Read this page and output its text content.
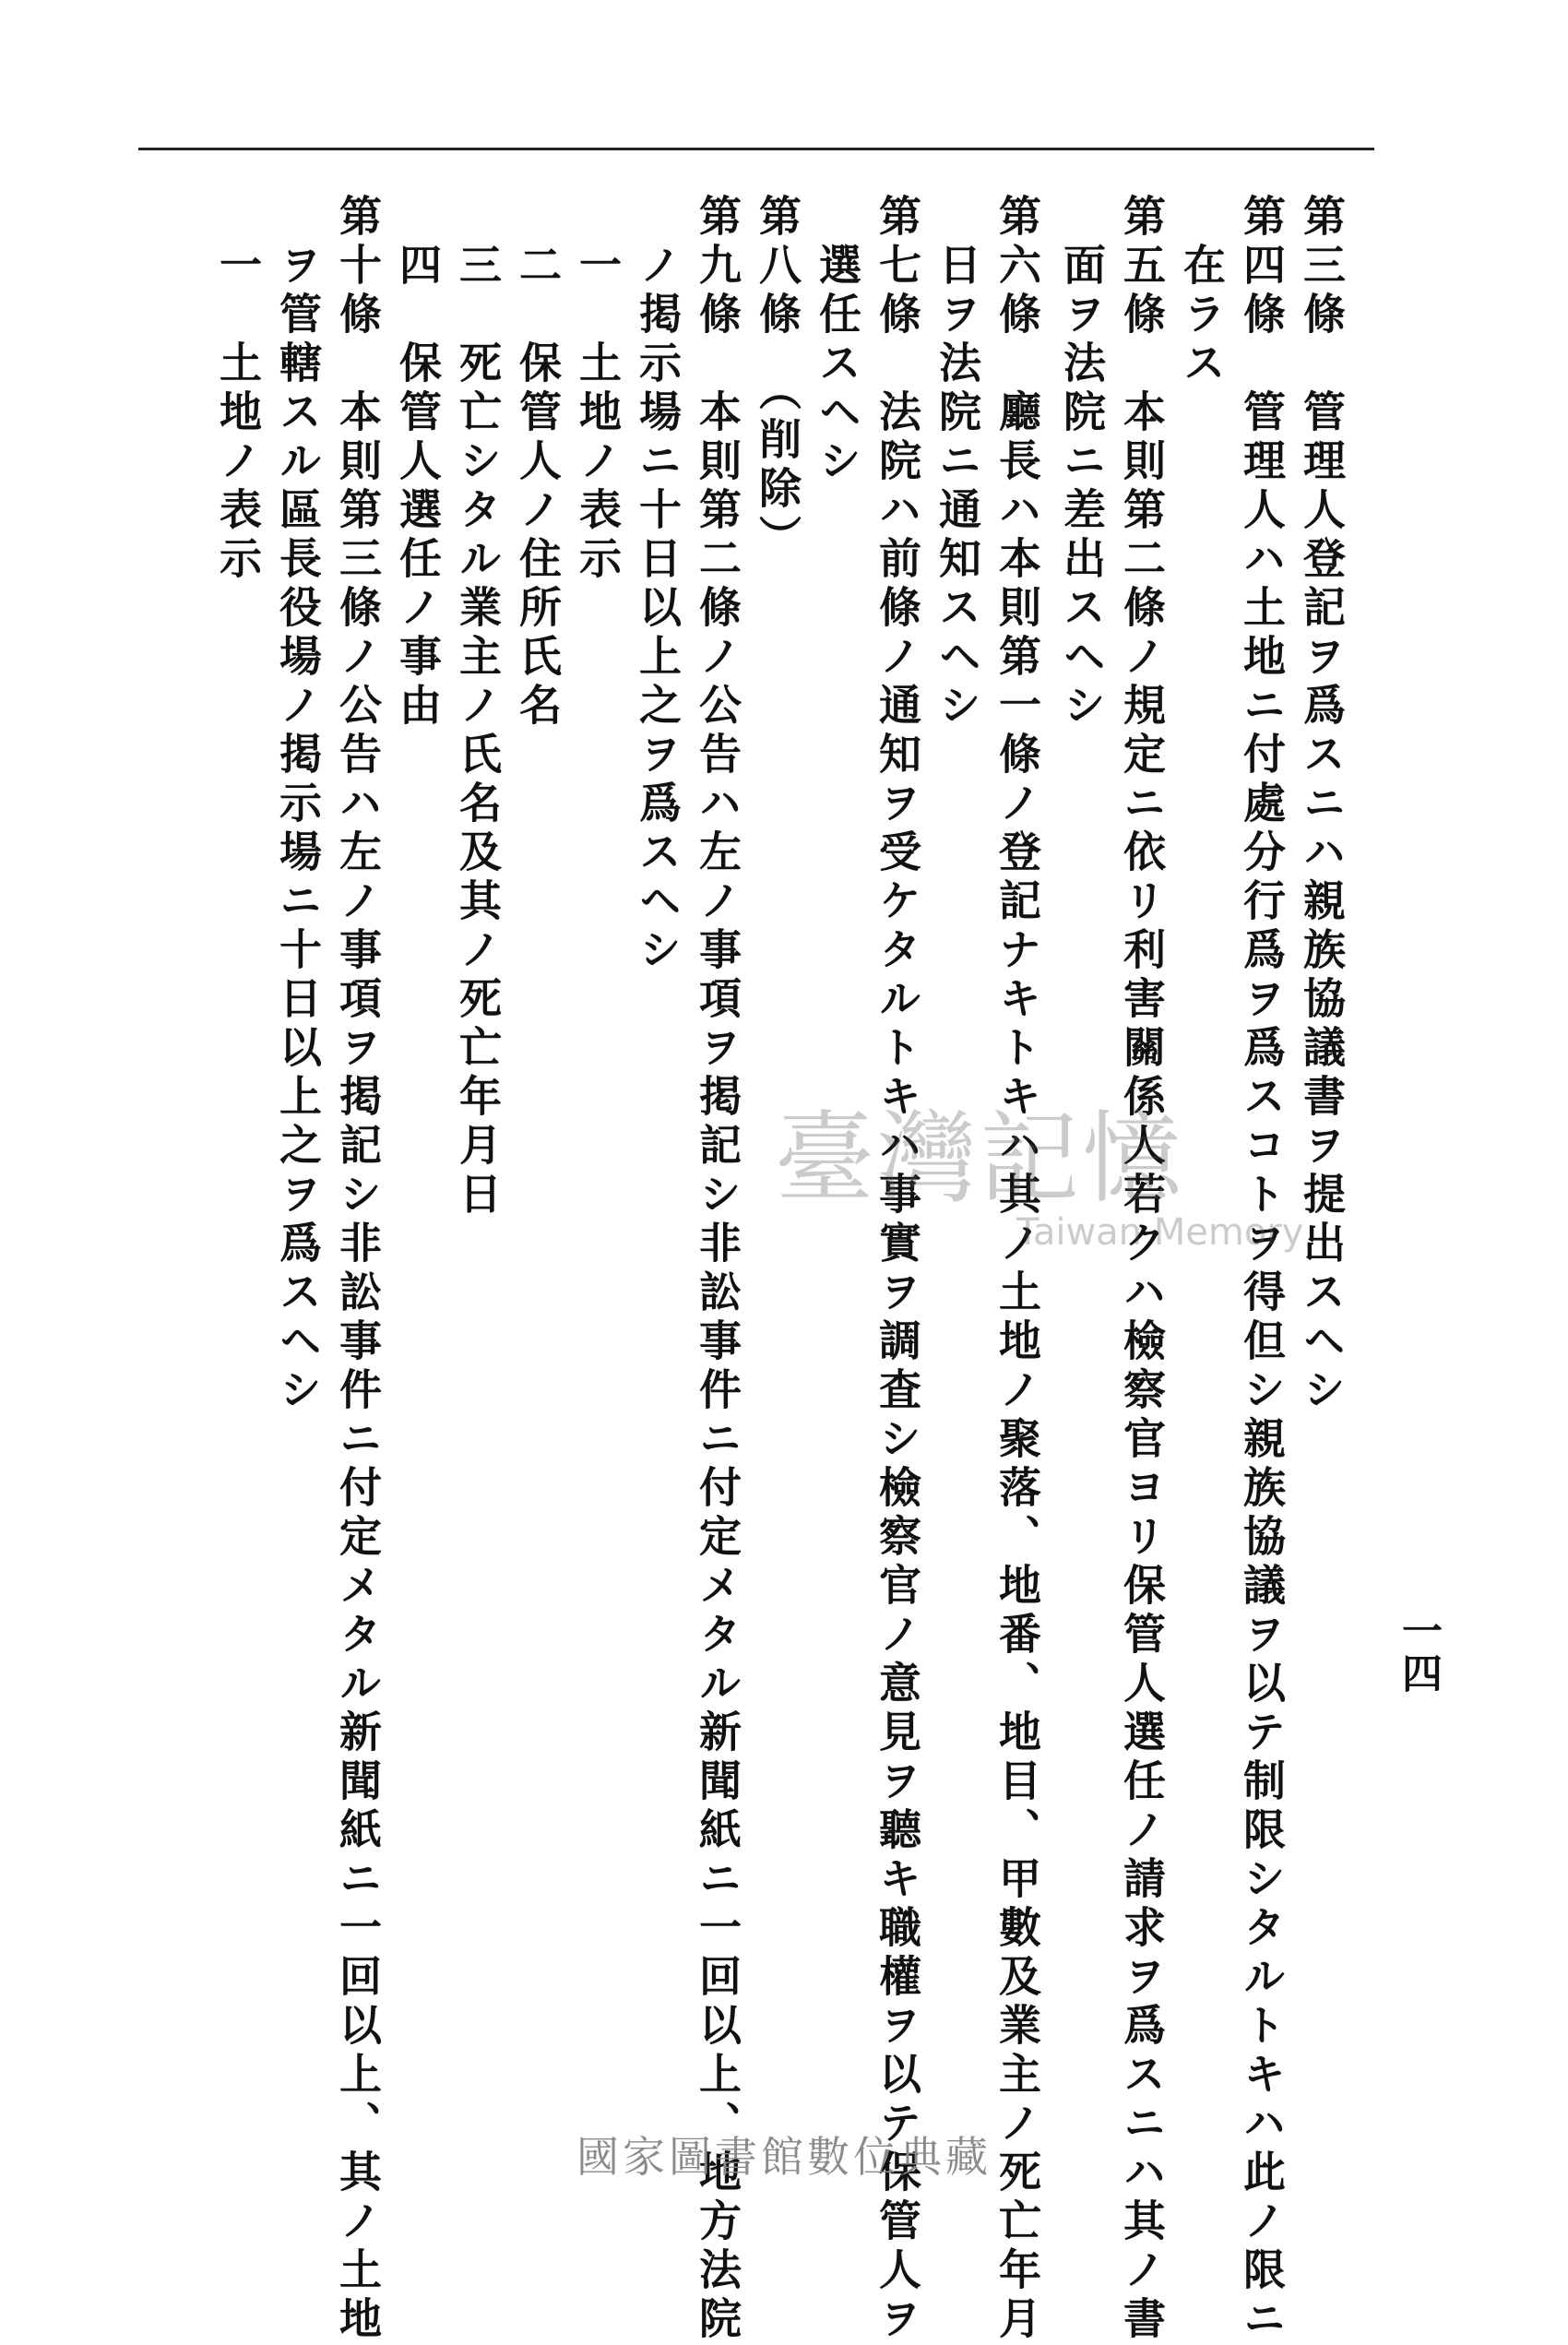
一四
第三條　管理人登記ヲ爲スニハ親族協議書ヲ提出スヘシ
第四條　管理人ハ土地ニ付處分行爲ヲ爲スコトヲ得但シ親族協議ヲ以テ制限シタルトキハ此ノ限ニ
　在ラス
第五條　本則第二條ノ規定ニ依リ利害關係人若クハ檢察官ヨリ保管人選任ノ請求ヲ爲スニハ其ノ書
　面ヲ法院ニ差出スヘシ
第六條　廳長ハ本則第一條ノ登記ナキトキハ其ノ土地ノ聚落、地番、地目、甲數及業主ノ死亡年月
　日ヲ法院ニ通知スヘシ
第七條　法院ハ前條ノ通知ヲ受ケタルトキハ事實ヲ調査シ檢察官ノ意見ヲ聽キ職權ヲ以テ保管人ヲ
　選任スヘシ
第八條　（削除）
第九條　本則第二條ノ公告ハ左ノ事項ヲ掲記シ非訟事件ニ付定メタル新聞紙ニ一回以上、地方法院
　ノ掲示場ニ十日以上之ヲ爲スヘシ
　一　土地ノ表示
　二　保管人ノ住所氏名
　三　死亡シタル業主ノ氏名及其ノ死亡年月日
　四　保管人選任ノ事由
第十條　本則第三條ノ公告ハ左ノ事項ヲ掲記シ非訟事件ニ付定メタル新聞紙ニ一回以上、其ノ土地
　ヲ管轄スル區長役場ノ掲示場ニ十日以上之ヲ爲スヘシ
　一　土地ノ表示
臺灣記憶
Taiwan Memory
國家圖書館數位典藏
